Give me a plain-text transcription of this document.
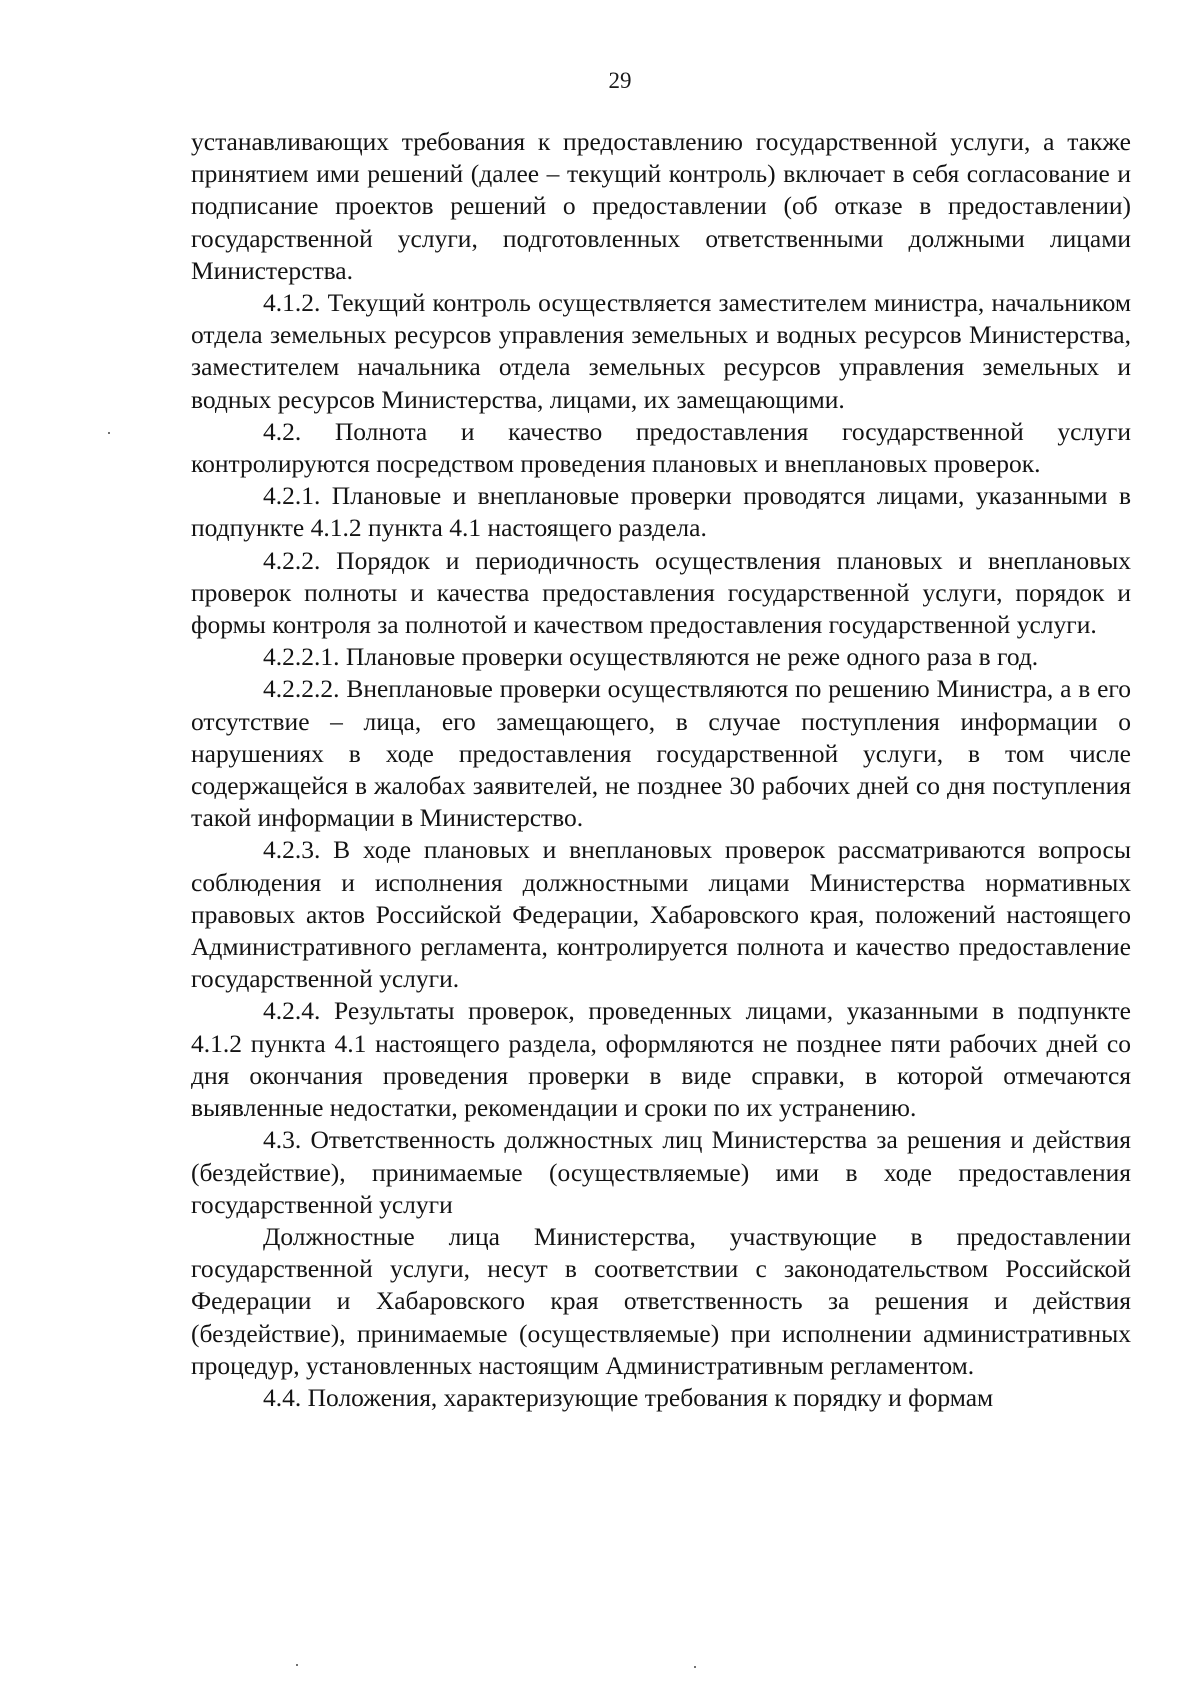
29

устанавливающих требования к предоставлению государственной услуги, а также принятием ими решений (далее – текущий контроль) включает в себя согласование и подписание проектов решений о предоставлении (об отказе в предоставлении) государственной услуги, подготовленных ответственными должными лицами Министерства.

4.1.2. Текущий контроль осуществляется заместителем министра, начальником отдела земельных ресурсов управления земельных и водных ресурсов Министерства, заместителем начальника отдела земельных ресурсов управления земельных и водных ресурсов Министерства, лицами, их замещающими.

4.2. Полнота и качество предоставления государственной услуги контролируются посредством проведения плановых и внеплановых проверок.

4.2.1. Плановые и внеплановые проверки проводятся лицами, указанными в подпункте 4.1.2 пункта 4.1 настоящего раздела.

4.2.2. Порядок и периодичность осуществления плановых и внеплановых проверок полноты и качества предоставления государственной услуги, порядок и формы контроля за полнотой и качеством предоставления государственной услуги.

4.2.2.1. Плановые проверки осуществляются не реже одного раза в год.

4.2.2.2. Внеплановые проверки осуществляются по решению Министра, а в его отсутствие – лица, его замещающего, в случае поступления информации о нарушениях в ходе предоставления государственной услуги, в том числе содержащейся в жалобах заявителей, не позднее 30 рабочих дней со дня поступления такой информации в Министерство.

4.2.3. В ходе плановых и внеплановых проверок рассматриваются вопросы соблюдения и исполнения должностными лицами Министерства нормативных правовых актов Российской Федерации, Хабаровского края, положений настоящего Административного регламента, контролируется полнота и качество предоставление государственной услуги.

4.2.4. Результаты проверок, проведенных лицами, указанными в подпункте 4.1.2 пункта 4.1 настоящего раздела, оформляются не позднее пяти рабочих дней со дня окончания проведения проверки в виде справки, в которой отмечаются выявленные недостатки, рекомендации и сроки по их устранению.

4.3. Ответственность должностных лиц Министерства за решения и действия (бездействие), принимаемые (осуществляемые) ими в ходе предоставления государственной услуги

Должностные лица Министерства, участвующие в предоставлении государственной услуги, несут в соответствии с законодательством Российской Федерации и Хабаровского края ответственность за решения и действия (бездействие), принимаемые (осуществляемые) при исполнении административных процедур, установленных настоящим Административным регламентом.

4.4. Положения, характеризующие требования к порядку и формам
